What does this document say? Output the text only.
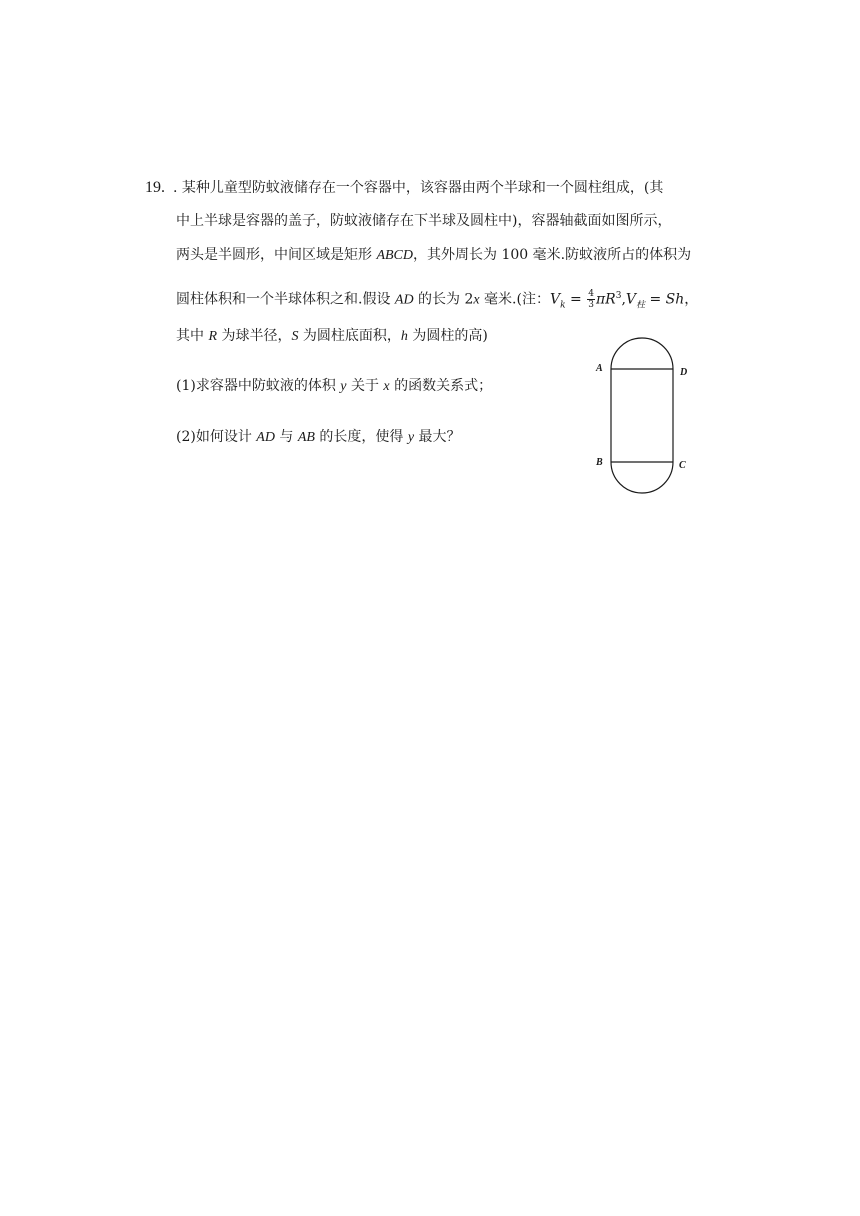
19. . 某种儿童型防蚊液储存在一个容器中，该容器由两个半球和一个圆柱组成，(其
中上半球是容器的盖子，防蚊液储存在下半球及圆柱中)，容器轴截面如图所示，
两头是半圆形，中间区域是矩形 ABCD，其外周长为 100 毫米.防蚊液所占的体积为
圆柱体积和一个半球体积之和.假设 AD 的长为 2x 毫米.(注：$V_k = \frac{4}{3} \pi R^3,V_柱 = Sh$，
其中 R 为球半径，S 为圆柱底面积，h 为圆柱的高)
(1)求容器中防蚊液的体积 y 关于 x 的函数关系式；
(2)如何设计 AD 与 AB 的长度，使得 y 最大？
A	D
B	C
